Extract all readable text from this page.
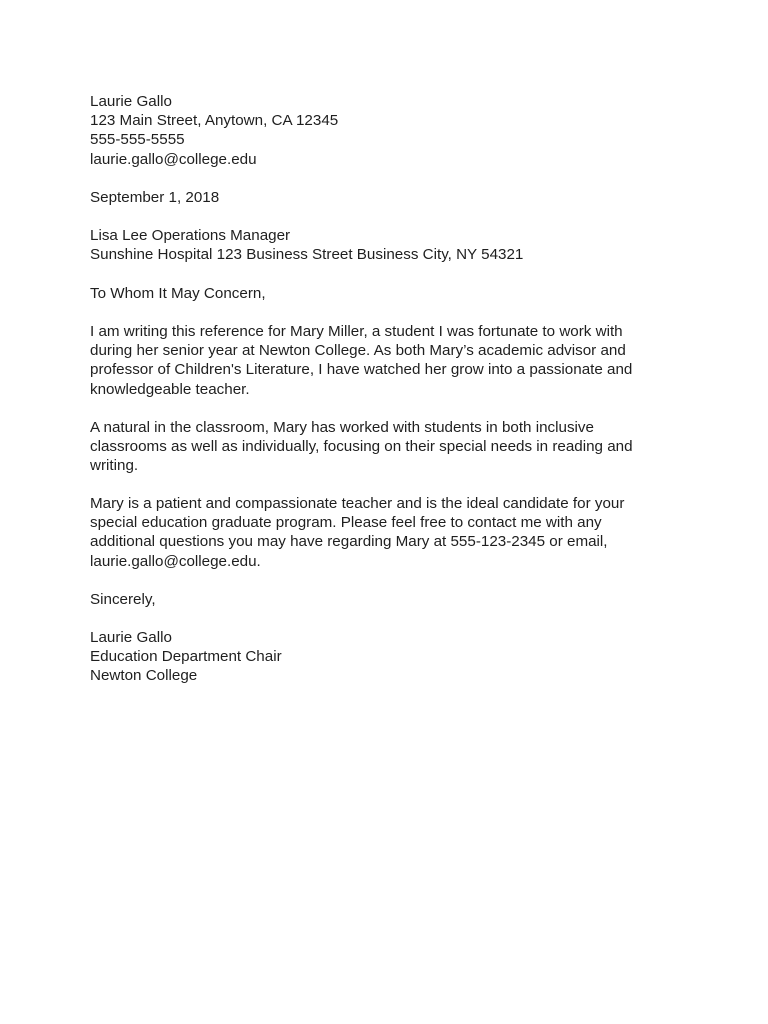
Laurie Gallo
123 Main Street, Anytown, CA 12345
555-555-5555
laurie.gallo@college.edu
September 1, 2018
Lisa Lee Operations Manager
Sunshine Hospital 123 Business Street Business City, NY 54321
To Whom It May Concern,
I am writing this reference for Mary Miller, a student I was fortunate to work with
during her senior year at Newton College. As both Mary’s academic advisor and
professor of Children's Literature, I have watched her grow into a passionate and
knowledgeable teacher.
A natural in the classroom, Mary has worked with students in both inclusive
classrooms as well as individually, focusing on their special needs in reading and
writing.
Mary is a patient and compassionate teacher and is the ideal candidate for your
special education graduate program. Please feel free to contact me with any
additional questions you may have regarding Mary at 555-123-2345 or email,
laurie.gallo@college.edu.
Sincerely,
Laurie Gallo
Education Department Chair
Newton College
